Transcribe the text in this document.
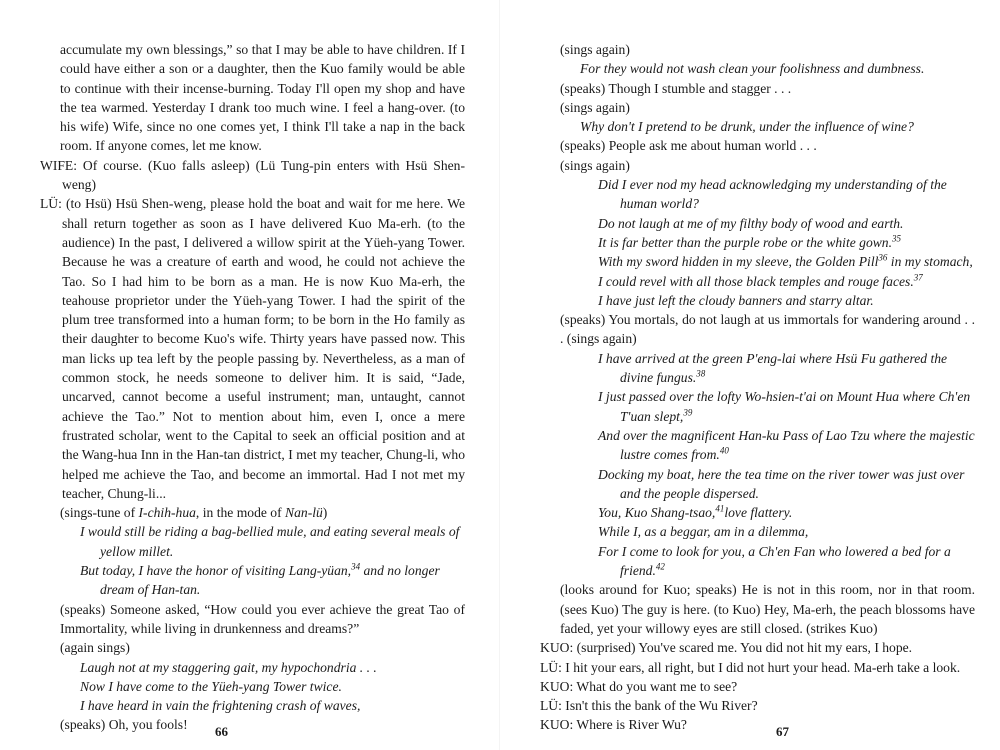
accumulate my own blessings,” so that I may be able to have children. If I could have either a son or a daughter, then the Kuo family would be able to continue with their incense-burning. Today I'll open my shop and have the tea warmed. Yesterday I drank too much wine. I feel a hang-over. (to his wife) Wife, since no one comes yet, I think I'll take a nap in the back room. If anyone comes, let me know.

WIFE: Of course. (Kuo falls asleep) (Lü Tung-pin enters with Hsü Shen-weng)

LÜ: (to Hsü) Hsü Shen-weng, please hold the boat and wait for me here. We shall return together as soon as I have delivered Kuo Ma-erh. (to the audience) In the past, I delivered a willow spirit at the Yüeh-yang Tower. Because he was a creature of earth and wood, he could not achieve the Tao. So I had him to be born as a man. He is now Kuo Ma-erh, the teahouse proprietor under the Yüeh-yang Tower. I had the spirit of the plum tree transformed into a human form; to be born in the Ho family as their daughter to become Kuo's wife. Thirty years have passed now. This man licks up tea left by the people passing by. Nevertheless, as a man of common stock, he needs someone to deliver him. It is said, “Jade, uncarved, cannot become a useful instrument; man, untaught, cannot achieve the Tao.” Not to mention about him, even I, once a mere frustrated scholar, went to the Capital to seek an official position and at the Wang-hua Inn in the Han-tan district, I met my teacher, Chung-li, who helped me achieve the Tao, and become an immortal. Had I not met my teacher, Chung-li...

(sings-tune of I-chih-hua, in the mode of Nan-lü)

I would still be riding a bag-bellied mule, and eating several meals of yellow millet.

But today, I have the honor of visiting Lang-yüan,$^{34}$ and no longer dream of Han-tan.

(speaks) Someone asked, “How could you ever achieve the great Tao of Immortality, while living in drunkenness and dreams?”

(again sings)

Laugh not at my staggering gait, my hypochondria . . .

Now I have come to the Yüeh-yang Tower twice.

I have heard in vain the frightening crash of waves,

(speaks) Oh, you fools!	66

(sings again)

For they would not wash clean your foolishness and dumbness.

(speaks) Though I stumble and stagger . . .

(sings again)

Why don't I pretend to be drunk, under the influence of wine?

(speaks) People ask me about human world . . .

(sings again)

Did I ever nod my head acknowledging my understanding of the human world?

Do not laugh at me of my filthy body of wood and earth.

It is far better than the purple robe or the white gown.$^{35}$

With my sword hidden in my sleeve, the Golden Pill$^{36}$ in my stomach,

I could revel with all those black temples and rouge faces.$^{37}$

I have just left the cloudy banners and starry altar.

(speaks) You mortals, do not laugh at us immortals for wandering around . . . (sings again)

I have arrived at the green P'eng-lai where Hsü Fu gathered the divine fungus.$^{38}$

I just passed over the lofty Wo-hsien-t'ai on Mount Hua where Ch'en T'uan slept,$^{39}$

And over the magnificent Han-ku Pass of Lao Tzu where the majestic lustre comes from.$^{40}$

Docking my boat, here the tea time on the river tower was just over and the people dispersed.

You, Kuo Shang-tsao,$^{41}$love flattery.

While I, as a beggar, am in a dilemma,

For I come to look for you, a Ch'en Fan who lowered a bed for a friend.$^{42}$

(looks around for Kuo; speaks) He is not in this room, nor in that room. (sees Kuo) The guy is here. (to Kuo) Hey, Ma-erh, the peach blossoms have faded, yet your willowy eyes are still closed. (strikes Kuo)

KUO: (surprised) You've scared me. You did not hit my ears, I hope.

LÜ: I hit your ears, all right, but I did not hurt your head. Ma-erh take a look.

KUO: What do you want me to see?

LÜ: Isn't this the bank of the Wu River?

KUO: Where is River Wu?	67
